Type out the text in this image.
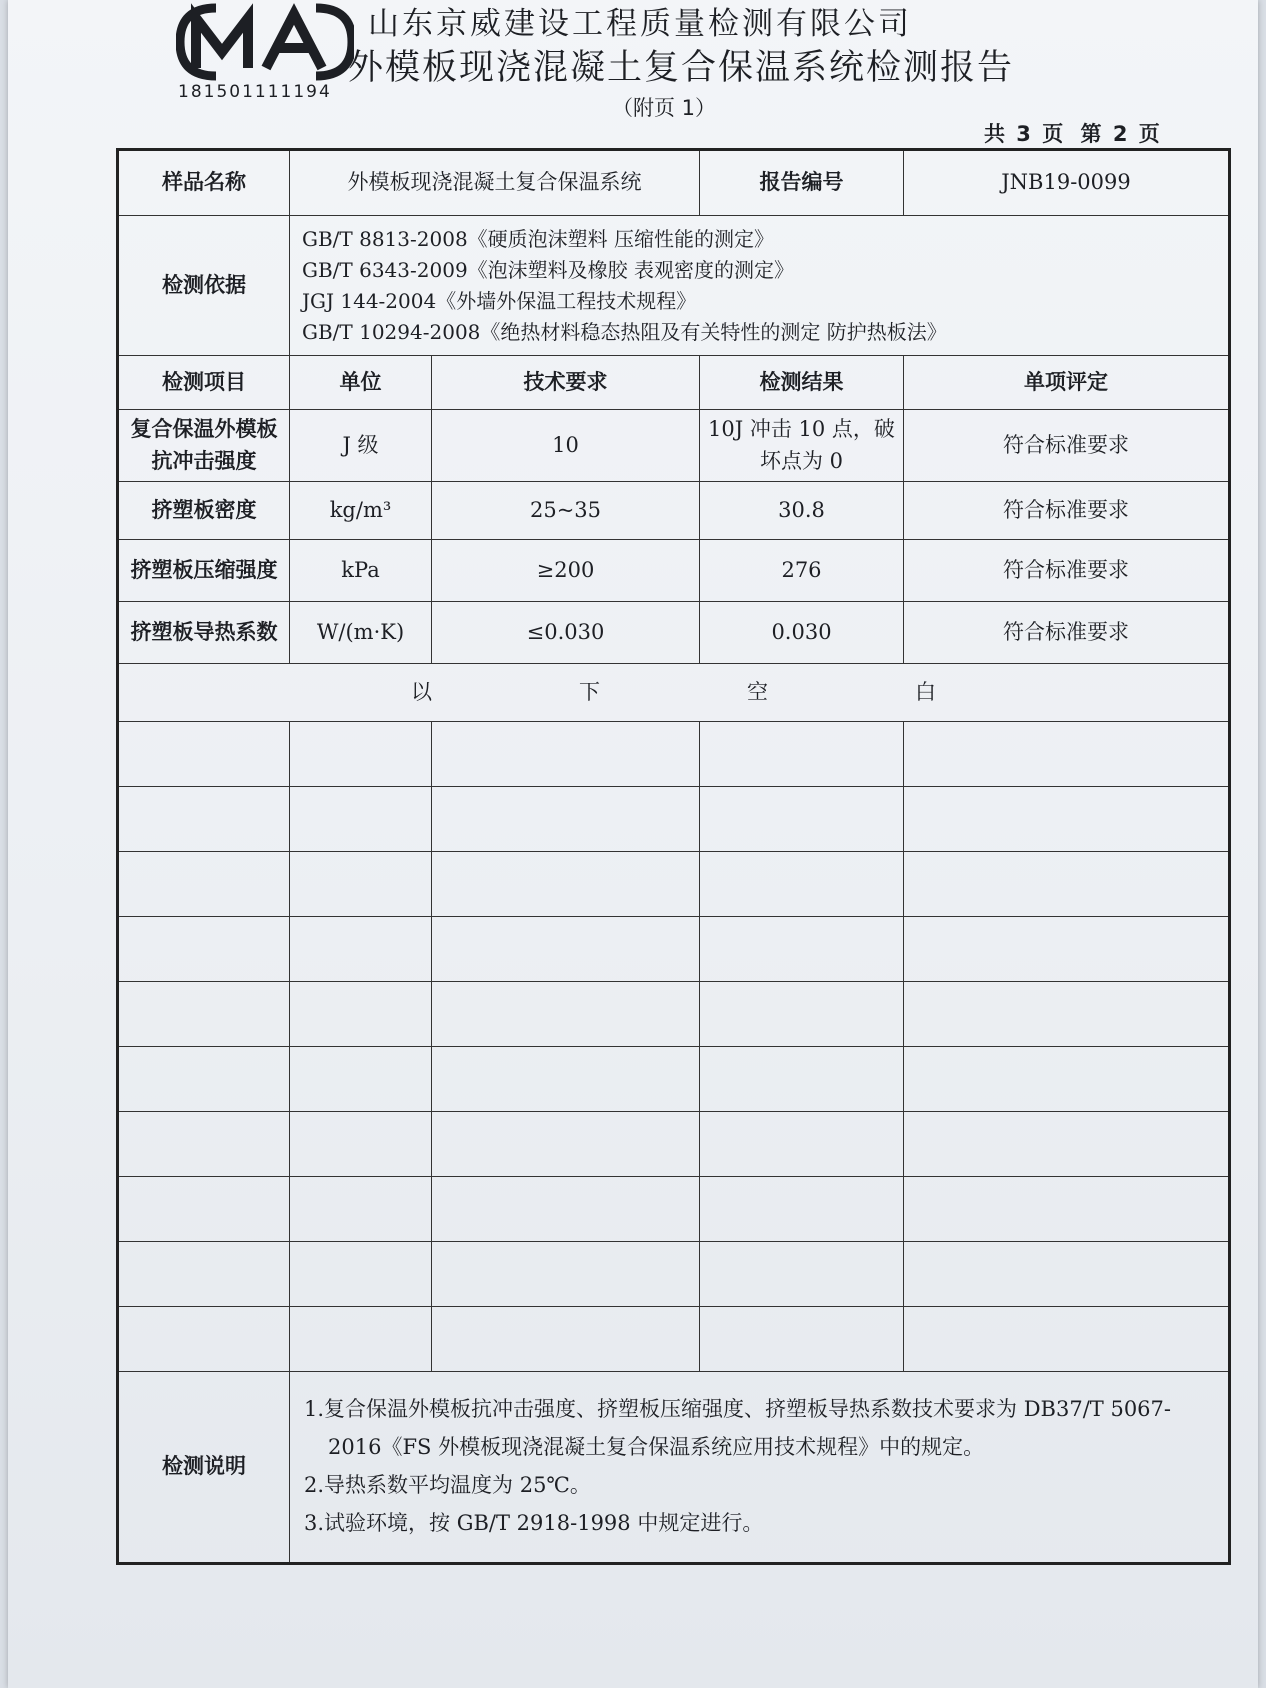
181501111194
山东京威建设工程质量检测有限公司
外模板现浇混凝土复合保温系统检测报告
（附页 1）
共 3 页 第 2 页
样品名称	外模板现浇混凝土复合保温系统		报告编号	JNB19-0099
检测依据	GB/T 8813-2008《硬质泡沫塑料 压缩性能的测定》
GB/T 6343-2009《泡沫塑料及橡胶 表观密度的测定》
JGJ 144-2004《外墙外保温工程技术规程》
GB/T 10294-2008《绝热材料稳态热阻及有关特性的测定 防护热板法》			

检测项目	单位	技术要求	检测结果	单项评定
复合保温外模板抗冲击强度	J 级	10	10J 冲击 10 点，破坏点为 0	符合标准要求
挤塑板密度	kg/m³	25~35	30.8	符合标准要求
挤塑板压缩强度	kPa	≥200	276	符合标准要求
挤塑板导热系数	W/(m·K)	≤0.030	0.030	符合标准要求
以 下 空 白				

检测说明	1.复合保温外模板抗冲击强度、挤塑板压缩强度、挤塑板导热系数技术要求为 DB37/T 5067-
2016《FS 外模板现浇混凝土复合保温系统应用技术规程》中的规定。
2.导热系数平均温度为 25℃。
3.试验环境，按 GB/T 2918-1998 中规定进行。			
